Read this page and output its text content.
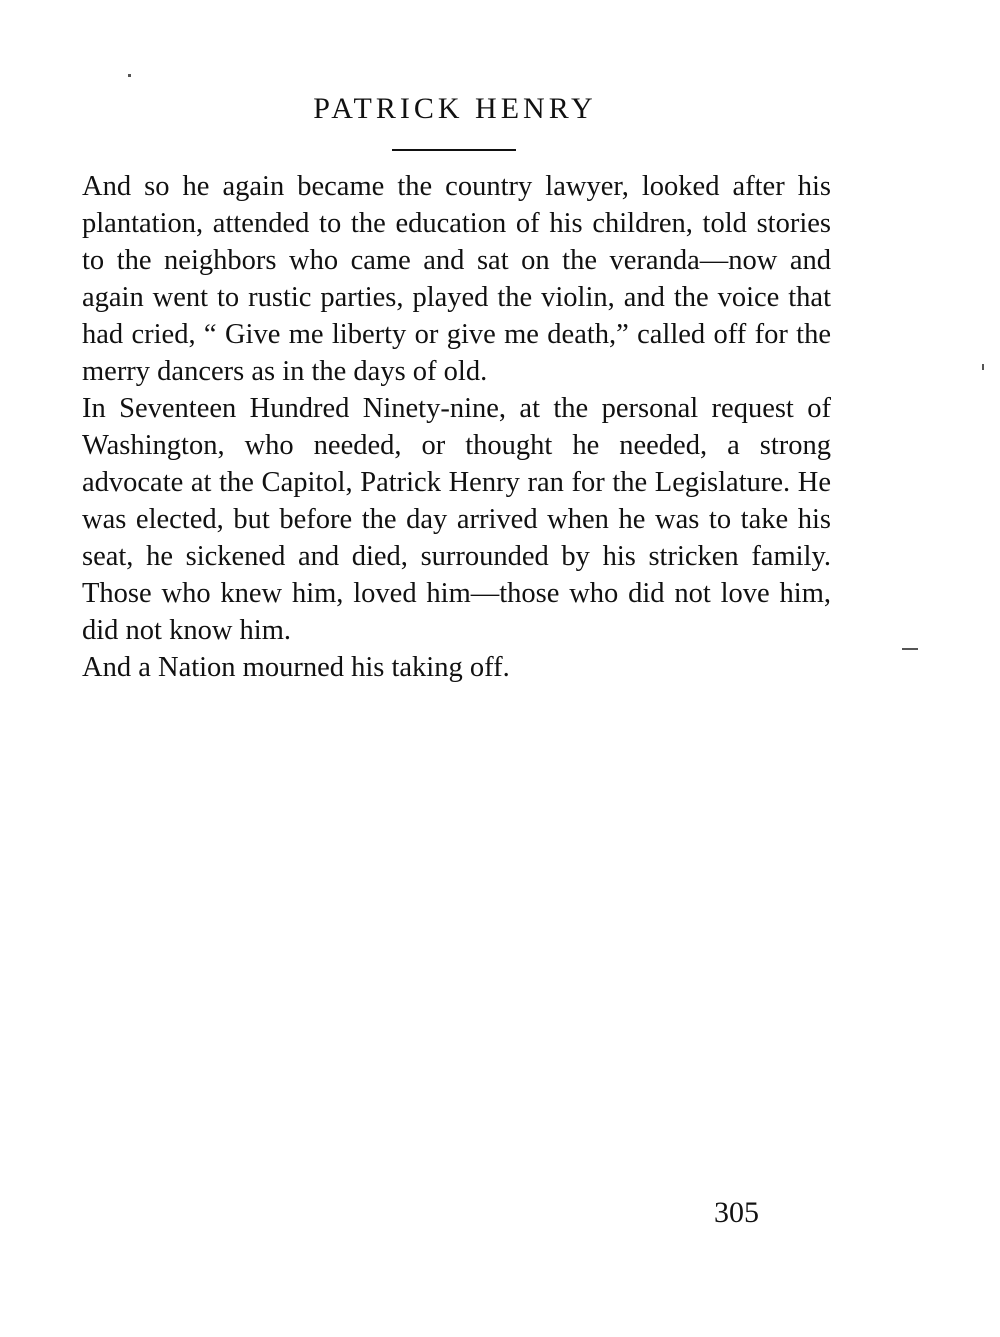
PATRICK HENRY

And so he again became the country lawyer, looked after his plantation, attended to the education of his children, told stories to the neighbors who came and sat on the veranda—now and again went to rustic parties, played the violin, and the voice that had cried, “ Give me liberty or give me death,” called off for the merry dancers as in the days of old.

In Seventeen Hundred Ninety-nine, at the personal request of Washington, who needed, or thought he needed, a strong advocate at the Capitol, Patrick Henry ran for the Legislature. He was elected, but before the day arrived when he was to take his seat, he sickened and died, surrounded by his stricken family. Those who knew him, loved him—those who did not love him, did not know him.

And a Nation mourned his taking off.

305
